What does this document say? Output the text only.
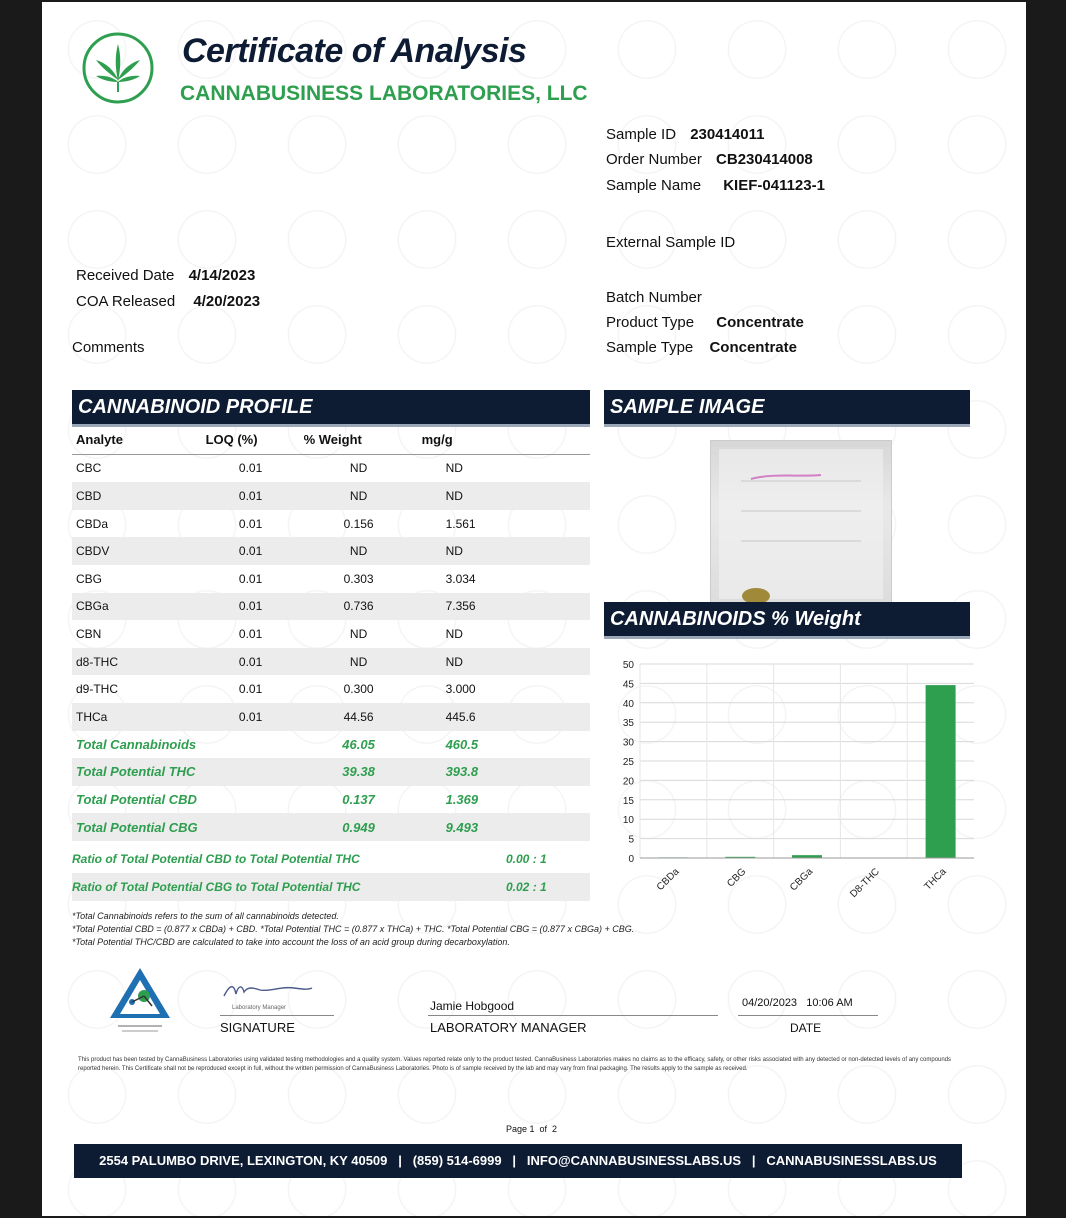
Certificate of Analysis
CANNABUSINESS LABORATORIES, LLC
Sample ID 230414011
Order Number CB230414008
Sample Name KIEF-041123-1
External Sample ID
Batch Number
Product Type Concentrate
Sample Type Concentrate
Received Date 4/14/2023
COA Released 4/20/2023
Comments
CANNABINOID PROFILE
Analyte	LOQ (%)	% Weight	mg/g
CBC	0.01	ND	ND
CBD	0.01	ND	ND
CBDa	0.01	0.156	1.561
CBDV	0.01	ND	ND
CBG	0.01	0.303	3.034
CBGa	0.01	0.736	7.356
CBN	0.01	ND	ND
d8-THC	0.01	ND	ND
d9-THC	0.01	0.300	3.000
THCa	0.01	44.56	445.6
Total Cannabinoids		46.05	460.5
Total Potential THC		39.38	393.8
Total Potential CBD		0.137	1.369
Total Potential CBG		0.949	9.493
Ratio of Total Potential CBD to Total Potential THC	0.00 : 1
Ratio of Total Potential CBG to Total Potential THC	0.02 : 1
SAMPLE IMAGE
CANNABINOIDS % Weight
0
5
10
15
20
25
30
35
40
45
50
CBDa	CBG	CBGa	D8-THC	THCa
*Total Cannabinoids refers to the sum of all cannabinoids detected.
*Total Potential CBD = (0.877 x CBDa) + CBD. *Total Potential THC = (0.877 x THCa) + THC. *Total Potential CBG = (0.877 x CBGa) + CBG.
*Total Potential THC/CBD are calculated to take into account the loss of an acid group during decarboxylation.
Laboratory Manager
SIGNATURE
Jamie Hobgood
LABORATORY MANAGER
04/20/2023   10:06 AM
DATE
This product has been tested by CannaBusiness Laboratories using validated testing methodologies and a quality system. Values reported relate only to the product tested. CannaBusiness Laboratories makes no claims as to the efficacy, safety, or other risks associated with any detected or non-detected levels of any compounds reported herein. This Certificate shall not be reproduced except in full, without the written permission of CannaBusiness Laboratories. Photo is of sample received by the lab and may vary from final packaging. The results apply to the sample as received.
Page 1  of  2
2554 PALUMBO DRIVE, LEXINGTON, KY 40509   |   (859) 514-6999   |   INFO@CANNABUSINESSLABS.US   |   CANNABUSINESSLABS.US
